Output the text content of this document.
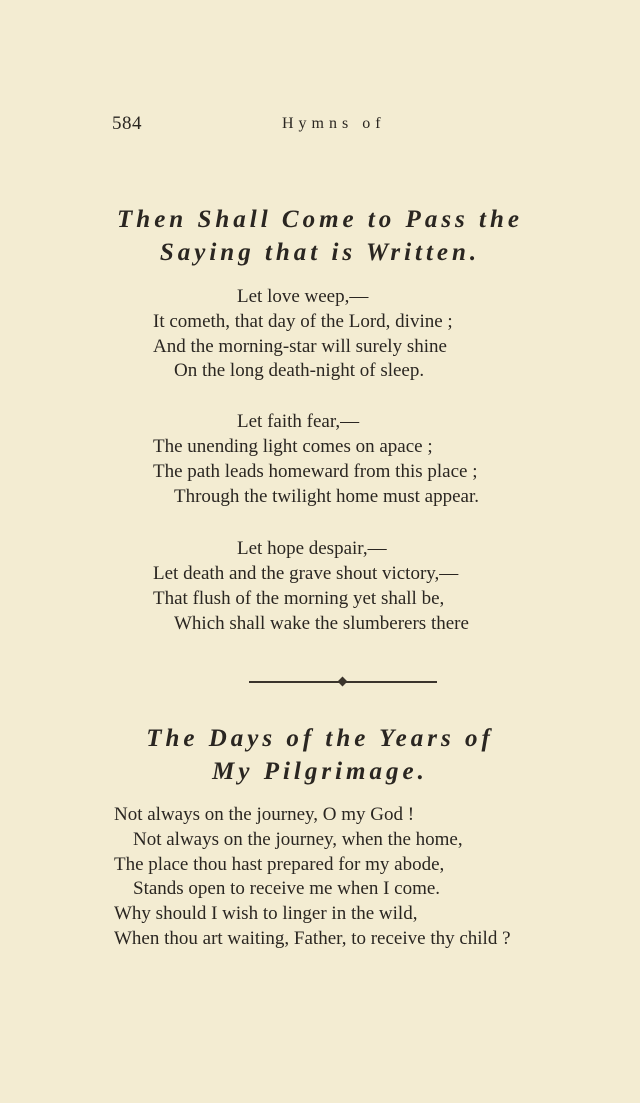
584	Hymns of
Then Shall Come to Pass the
Saying that is Written.
Let love weep,—
It cometh, that day of the Lord, divine ;
And the morning-star will surely shine
On the long death-night of sleep.
Let faith fear,—
The unending light comes on apace ;
The path leads homeward from this place ;
Through the twilight home must appear.
Let hope despair,—
Let death and the grave shout victory,—
That flush of the morning yet shall be,
Which shall wake the slumberers there
The Days of the Years of
My Pilgrimage.
Not always on the journey, O my God !
Not always on the journey, when the home,
The place thou hast prepared for my abode,
Stands open to receive me when I come.
Why should I wish to linger in the wild,
When thou art waiting, Father, to receive thy child ?
